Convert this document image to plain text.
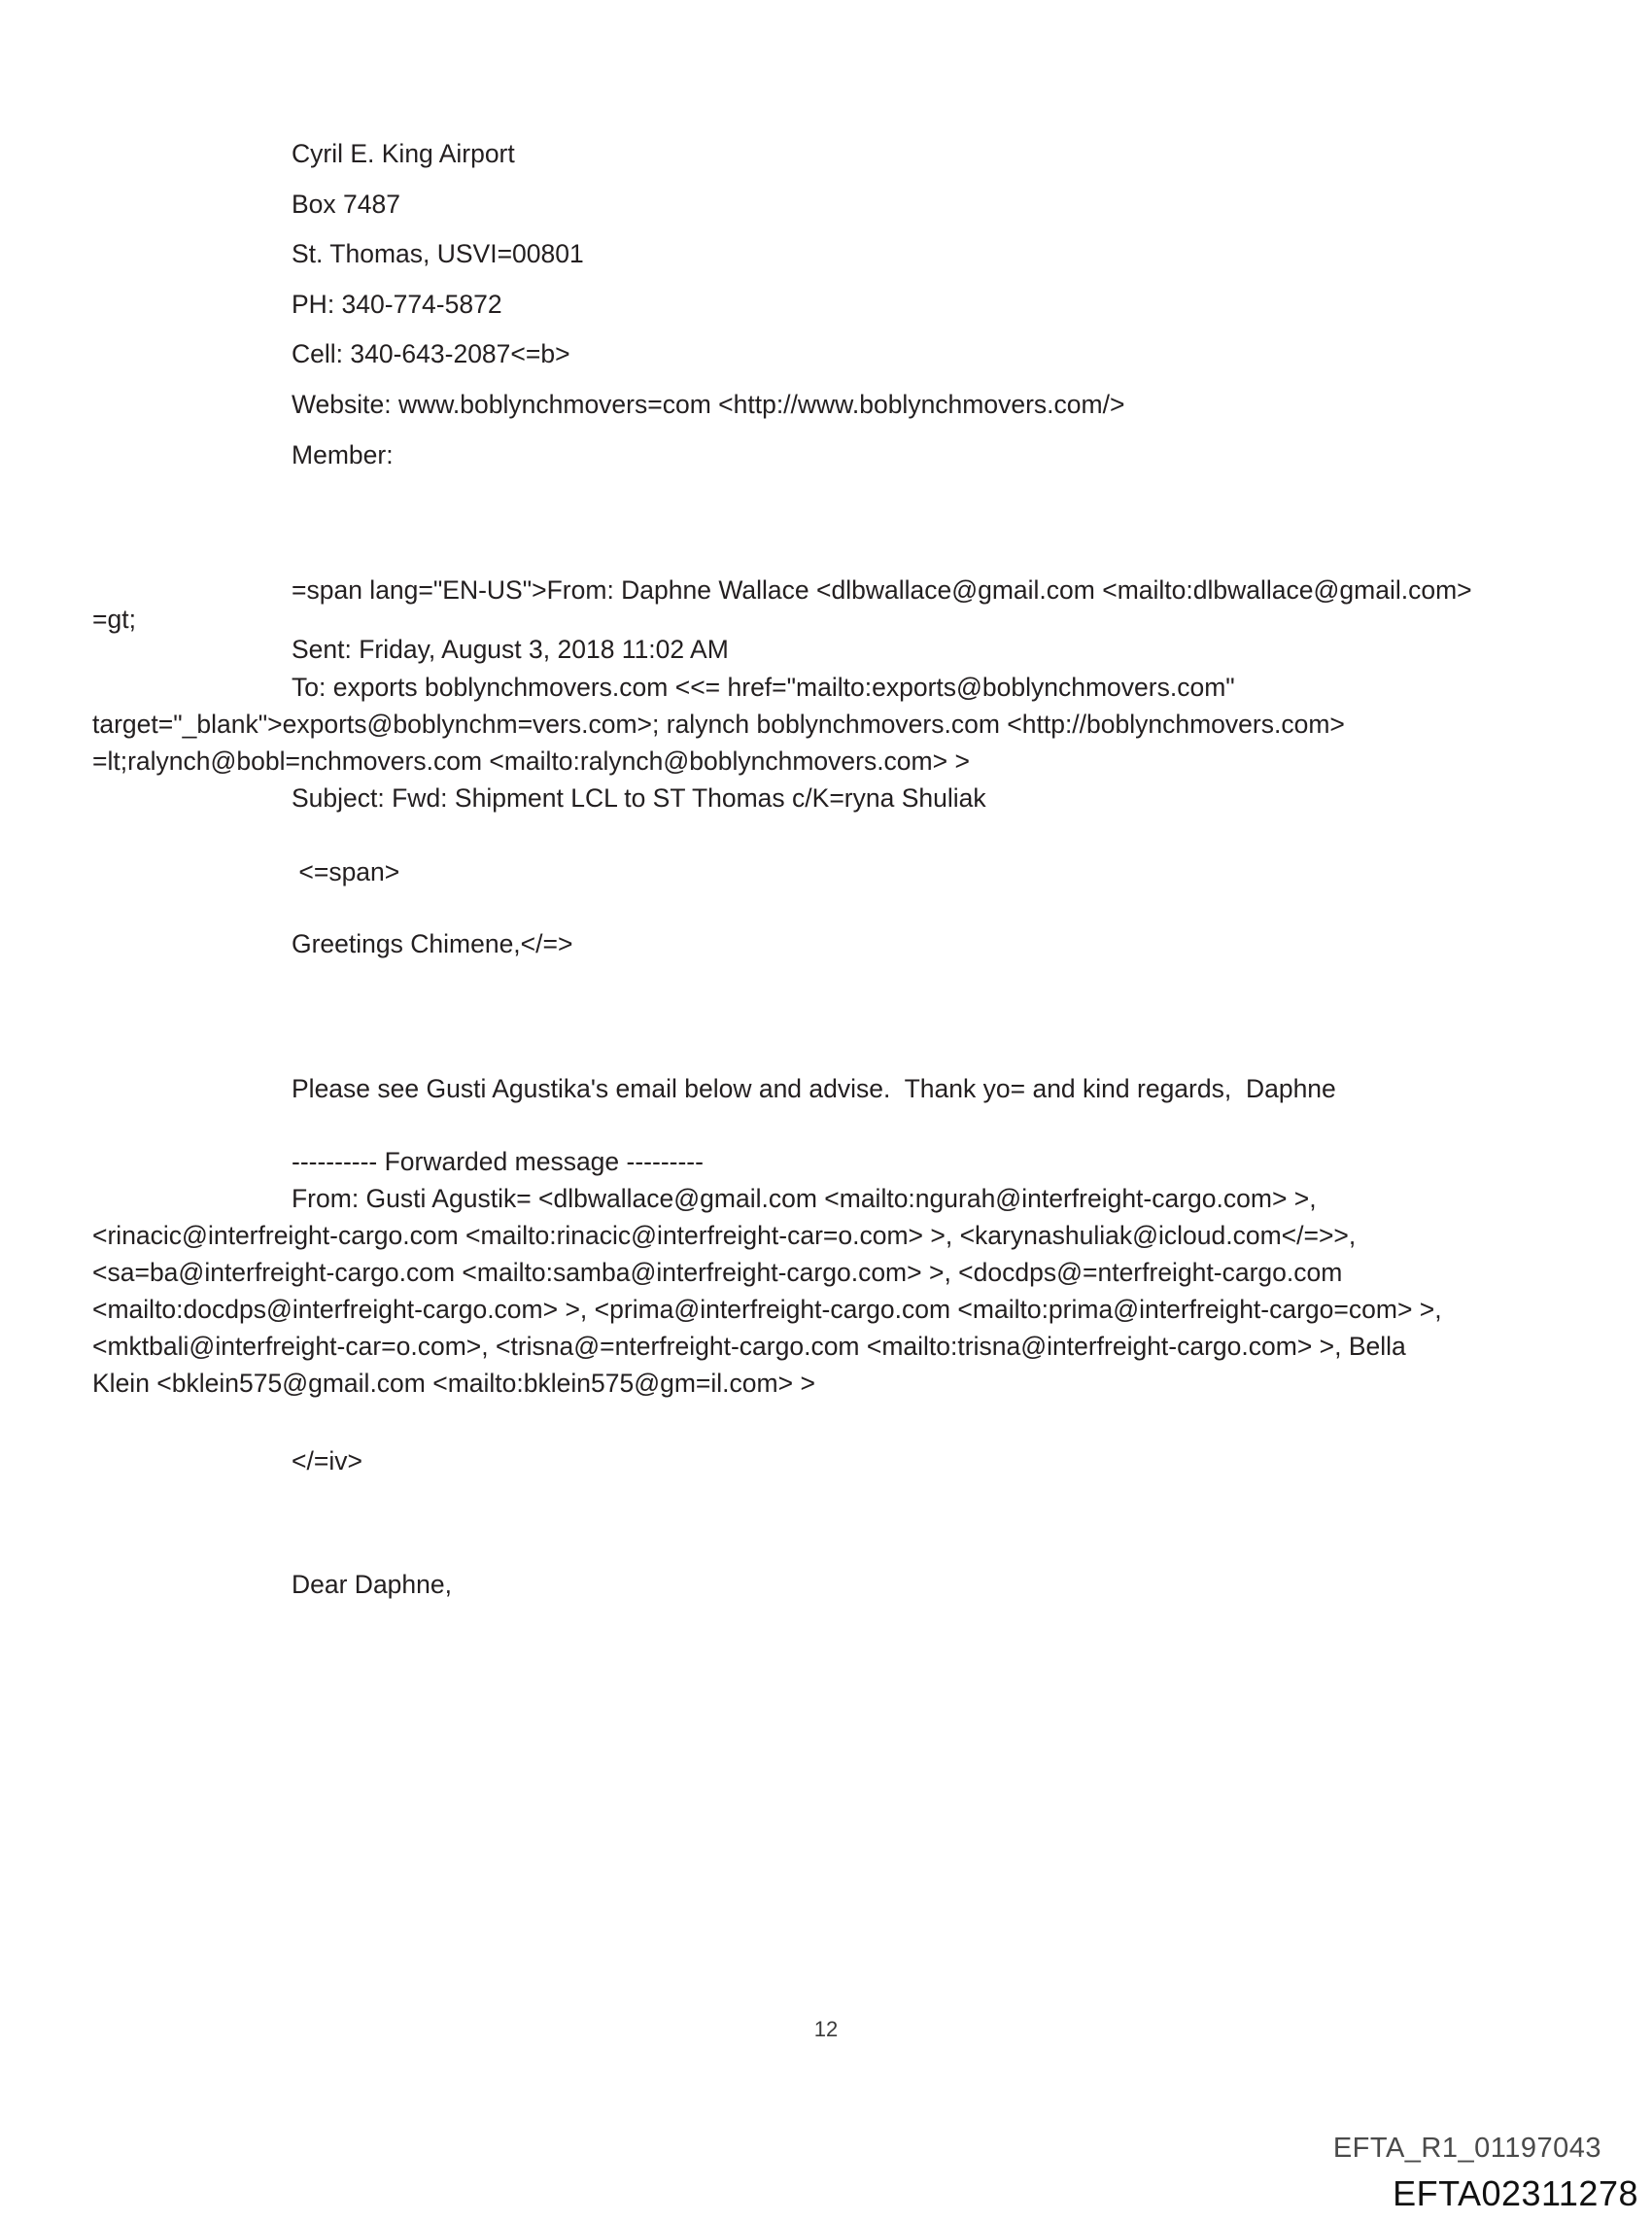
Cyril E. King Airport
Box 7487
St. Thomas, USVI=00801
PH: 340-774-5872
Cell: 340-643-2087<=b>
Website: www.boblynchmovers=com <http://www.boblynchmovers.com/>
Member:
=span lang="EN-US">From: Daphne Wallace <dlbwallace@gmail.com <mailto:dlbwallace@gmail.com>
=gt;
Sent: Friday, August 3, 2018 11:02 AM
To: exports boblynchmovers.com <<= href="mailto:exports@boblynchmovers.com"
target="_blank">exports@boblynchm=vers.com>; ralynch boblynchmovers.com <http://boblynchmovers.com>
=lt;ralynch@bobl=nchmovers.com <mailto:ralynch@boblynchmovers.com> >
Subject: Fwd: Shipment LCL to ST Thomas c/K=ryna Shuliak
<=span>
Greetings Chimene,</=>
Please see Gusti Agustika's email below and advise.  Thank yo= and kind regards,  Daphne
---------- Forwarded message ---------
From: Gusti Agustik= <dlbwallace@gmail.com <mailto:ngurah@interfreight-cargo.com> >,
<rinacic@interfreight-cargo.com <mailto:rinacic@interfreight-car=o.com> >, <karynashuliak@icloud.com</=>>,
<sa=ba@interfreight-cargo.com <mailto:samba@interfreight-cargo.com> >, <docdps@=nterfreight-cargo.com
<mailto:docdps@interfreight-cargo.com> >, <prima@interfreight-cargo.com <mailto:prima@interfreight-cargo=com> >,
<mktbali@interfreight-car=o.com>, <trisna@=nterfreight-cargo.com <mailto:trisna@interfreight-cargo.com> >, Bella
Klein <bklein575@gmail.com <mailto:bklein575@gm=il.com> >
</=iv>
Dear Daphne,
12
EFTA_R1_01197043
EFTA02311278
